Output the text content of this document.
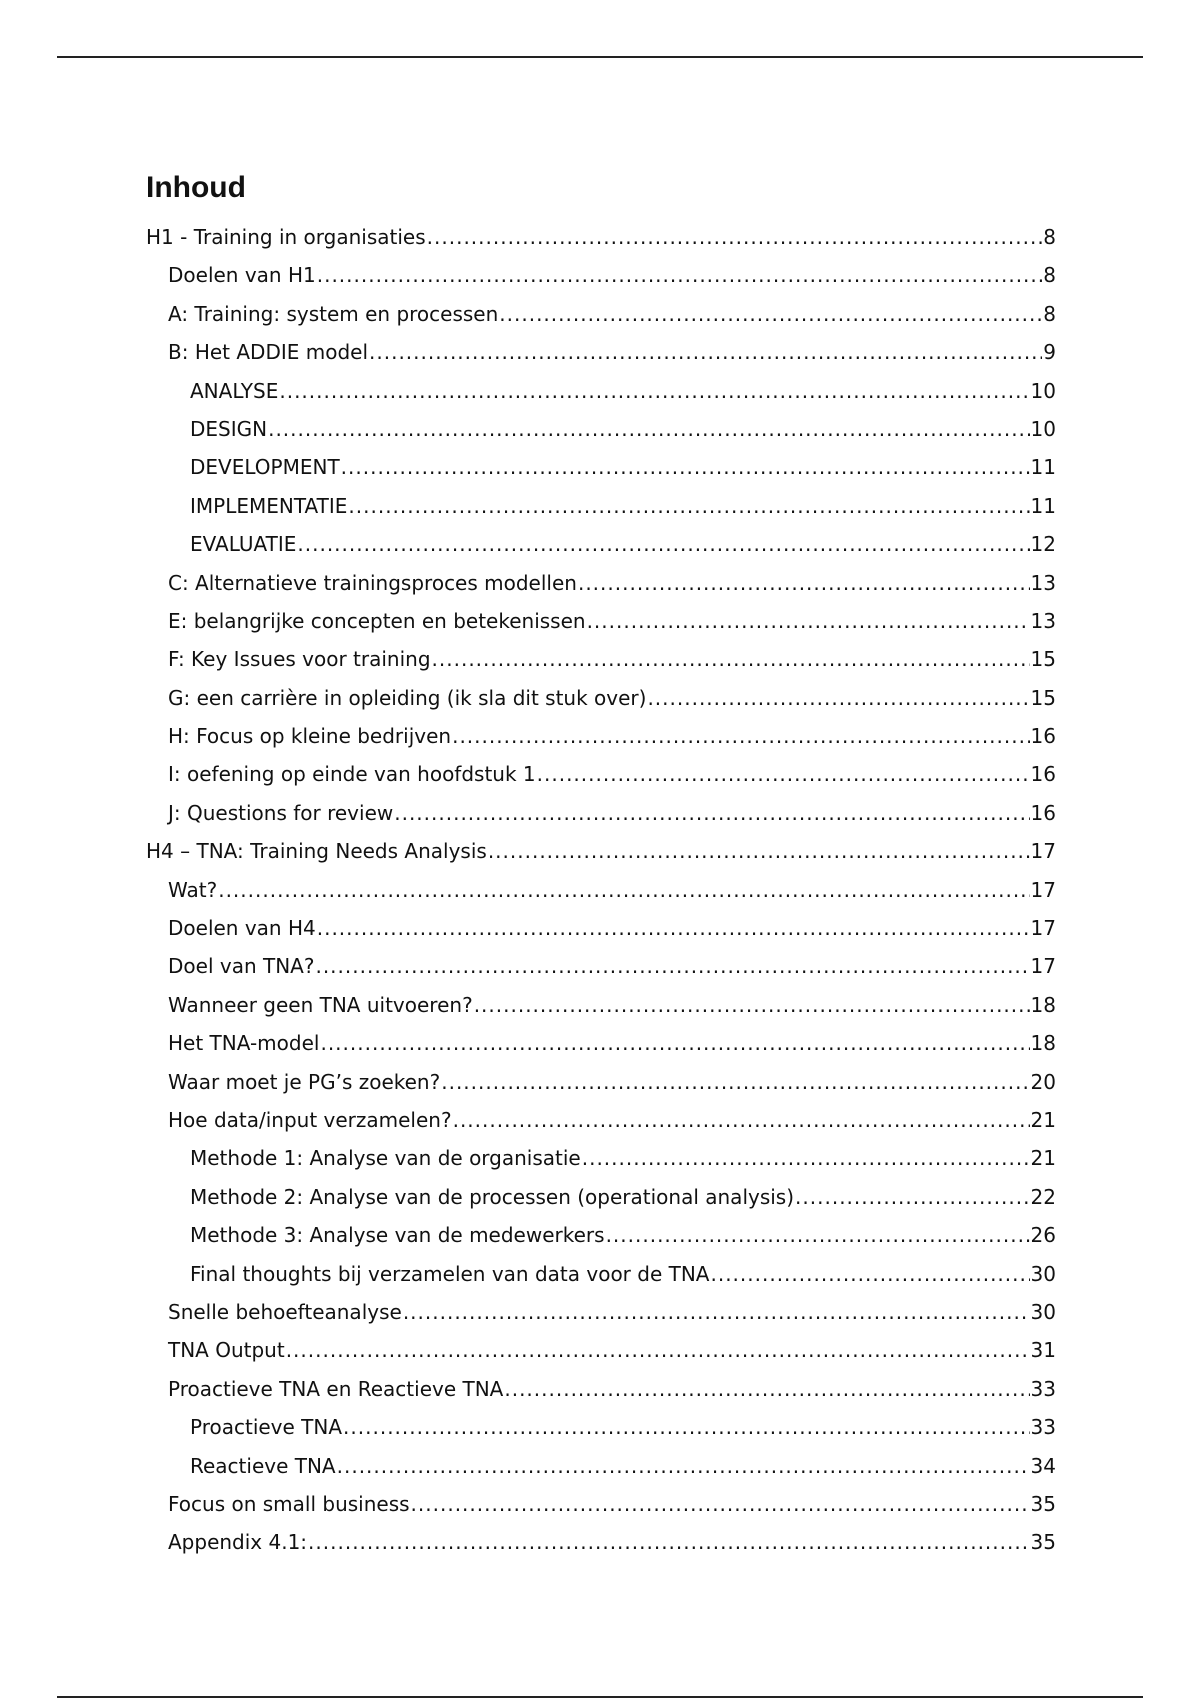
Inhoud
H1 - Training in organisaties .....	8
Doelen van H1 .....	8
A: Training: system en processen .....	8
B: Het ADDIE model .....	9
ANALYSE .....	10
DESIGN .....	10
DEVELOPMENT .....	11
IMPLEMENTATIE .....	11
EVALUATIE .....	12
C: Alternatieve trainingsproces modellen .....	13
E: belangrijke concepten en betekenissen .....	13
F: Key Issues voor training .....	15
G: een carrière in opleiding (ik sla dit stuk over) .....	15
H: Focus op kleine bedrijven .....	16
I: oefening op einde van hoofdstuk 1 .....	16
J: Questions for review .....	16
H4 – TNA: Training Needs Analysis .....	17
Wat? .....	17
Doelen van H4 .....	17
Doel van TNA? .....	17
Wanneer geen TNA uitvoeren? .....	18
Het TNA-model .....	18
Waar moet je PG’s zoeken? .....	20
Hoe data/input verzamelen? .....	21
Methode 1: Analyse van de organisatie .....	21
Methode 2: Analyse van de processen (operational analysis) .....	22
Methode 3: Analyse van de medewerkers .....	26
Final thoughts bij verzamelen van data voor de TNA .....	30
Snelle behoefteanalyse .....	30
TNA Output .....	31
Proactieve TNA en Reactieve TNA .....	33
Proactieve TNA .....	33
Reactieve TNA .....	34
Focus on small business .....	35
Appendix 4.1: .....	35
